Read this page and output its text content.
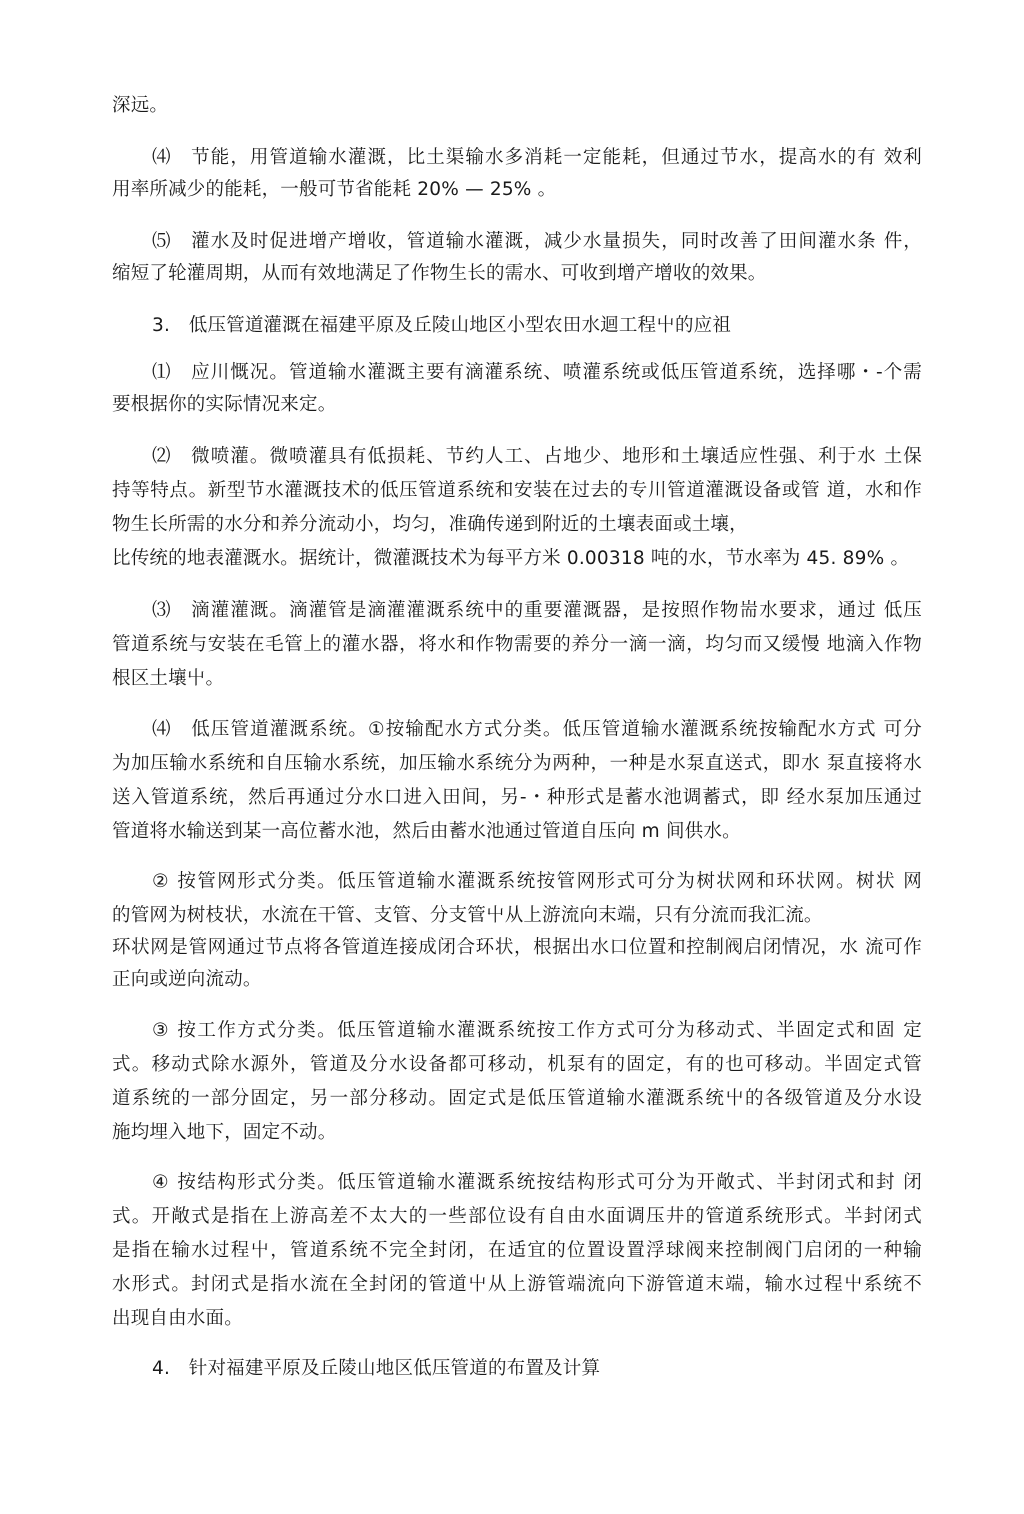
深远。
⑷　节能，用管道输水灌溉，比土渠输水多消耗一定能耗，但通过节水，提高水的有 效利
用率所减少的能耗，一般可节省能耗 20% — 25% 。
⑸　灌水及时促进增产增收，管道输水灌溉，减少水量损失，同时改善了田间灌水条 件，
缩短了轮灌周期，从而有效地满足了作物生长的需水、可收到增产增收的效果。
3.　低压管道灌溉在福建平原及丘陵山地区小型农田水迴工程屮的应祖
⑴　应川慨况。管道输水灌溉主要有滴灌系统、喷灌系统或低压管道系统，选择哪・-个需
要根据你的实际情况来定。
⑵　微喷灌。微喷灌具有低损耗、节约人工、占地少、地形和土壤适应性强、利于水 土保
持等特点。新型节水灌溉技术的低压管道系统和安装在过去的专川管道灌溉设备或管 道，水和作
物生长所需的水分和养分流动小，均匀，准确传递到附近的土壤表面或土壤，
比传统的地表灌溉水。据统计，微灌溉技术为每平方米 0.00318 吨的水，节水率为 45. 89% 。
⑶　滴灌灌溉。滴灌管是滴灌灌溉系统中的重要灌溉器，是按照作物耑水要求，通过 低压
管道系统与安装在毛管上的灌水器，将水和作物需要的养分一滴一滴，均匀而又缓慢 地滴入作物
根区土壤屮。
⑷　低压管道灌溉系统。①按输配水方式分类。低压管道输水灌溉系统按输配水方式 可分
为加压输水系统和自压输水系统，加压输水系统分为两种，一种是水泵直送式，即水 泵直接将水
送入管道系统，然后再通过分水口进入田间，另-・种形式是蓄水池调蓄式，即 经水泵加压通过
管道将水输送到某一高位蓄水池，然后由蓄水池通过管道自压向 m 间供水。
② 按管网形式分类。低压管道输水灌溉系统按管网形式可分为树状网和环状网。树状 网
的管网为树枝状，水流在干管、支管、分支管屮从上游流向末端，只有分流而我汇流。
环状网是管网通过节点将各管道连接成闭合环状，根据出水口位置和控制阀启闭情况，水 流可作
正向或逆向流动。
③ 按工作方式分类。低压管道输水灌溉系统按工作方式可分为移动式、半固定式和固 定
式。移动式除水源外，管道及分水设备都可移动，机泵有的固定，有的也可移动。半固定式管
道系统的一部分固定，另一部分移动。固定式是低压管道输水灌溉系统屮的各级管道及分水设
施均埋入地下，固定不动。
④ 按结构形式分类。低压管道输水灌溉系统按结构形式可分为开敞式、半封闭式和封 闭
式。开敞式是指在上游高差不太大的一些部位设有自由水面调压井的管道系统形式。半封闭式
是指在输水过程屮，管道系统不完全封闭，在适宜的位置设置浮球阀来控制阀门启闭的一种输
水形式。封闭式是指水流在全封闭的管道屮从上游管端流向下游管道末端，输水过程屮系统不
出现自由水面。
4.　针对福建平原及丘陵山地区低压管道的布置及计算
